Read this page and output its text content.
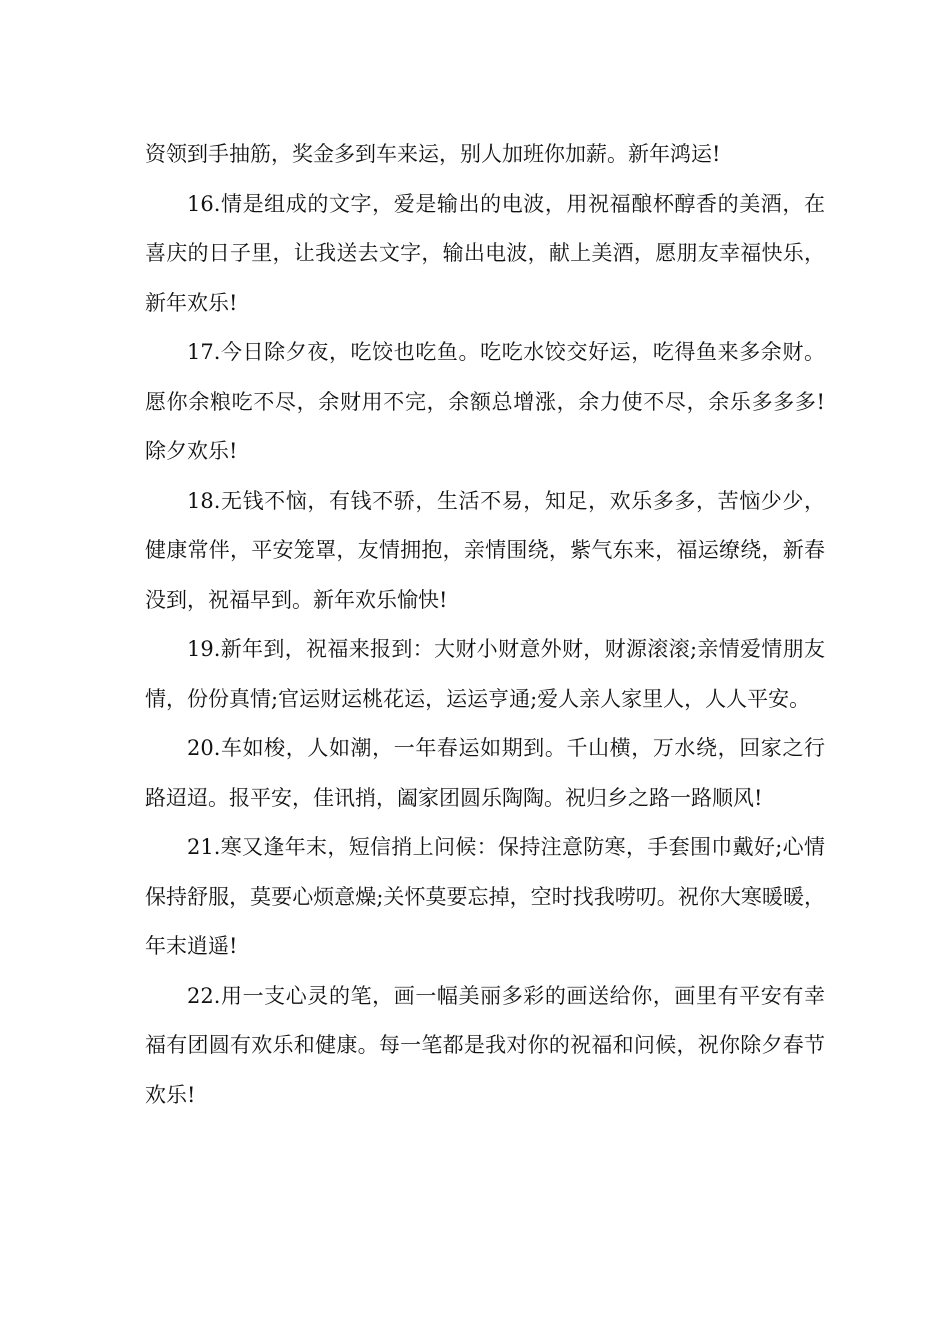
资领到手抽筋，奖金多到车来运，别人加班你加薪。新年鸿运!

16.情是组成的文字，爱是输出的电波，用祝福酿杯醇香的美酒，在喜庆的日子里，让我送去文字，输出电波，献上美酒，愿朋友幸福快乐，新年欢乐!

17.今日除夕夜，吃饺也吃鱼。吃吃水饺交好运，吃得鱼来多余财。愿你余粮吃不尽，余财用不完，余额总增涨，余力使不尽，余乐多多多!除夕欢乐!

18.无钱不恼，有钱不骄，生活不易，知足，欢乐多多，苦恼少少，健康常伴，平安笼罩，友情拥抱，亲情围绕，紫气东来，福运缭绕，新春没到，祝福早到。新年欢乐愉快!

19.新年到，祝福来报到：大财小财意外财，财源滚滚;亲情爱情朋友情，份份真情;官运财运桃花运，运运亨通;爱人亲人家里人，人人平安。

20.车如梭，人如潮，一年春运如期到。千山横，万水绕，回家之行路迢迢。报平安，佳讯捎，阖家团圆乐陶陶。祝归乡之路一路顺风!

21.寒又逢年末，短信捎上问候：保持注意防寒，手套围巾戴好;心情保持舒服，莫要心烦意燥;关怀莫要忘掉，空时找我唠叨。祝你大寒暖暖，年末逍遥!

22.用一支心灵的笔，画一幅美丽多彩的画送给你，画里有平安有幸福有团圆有欢乐和健康。每一笔都是我对你的祝福和问候，祝你除夕春节欢乐!
